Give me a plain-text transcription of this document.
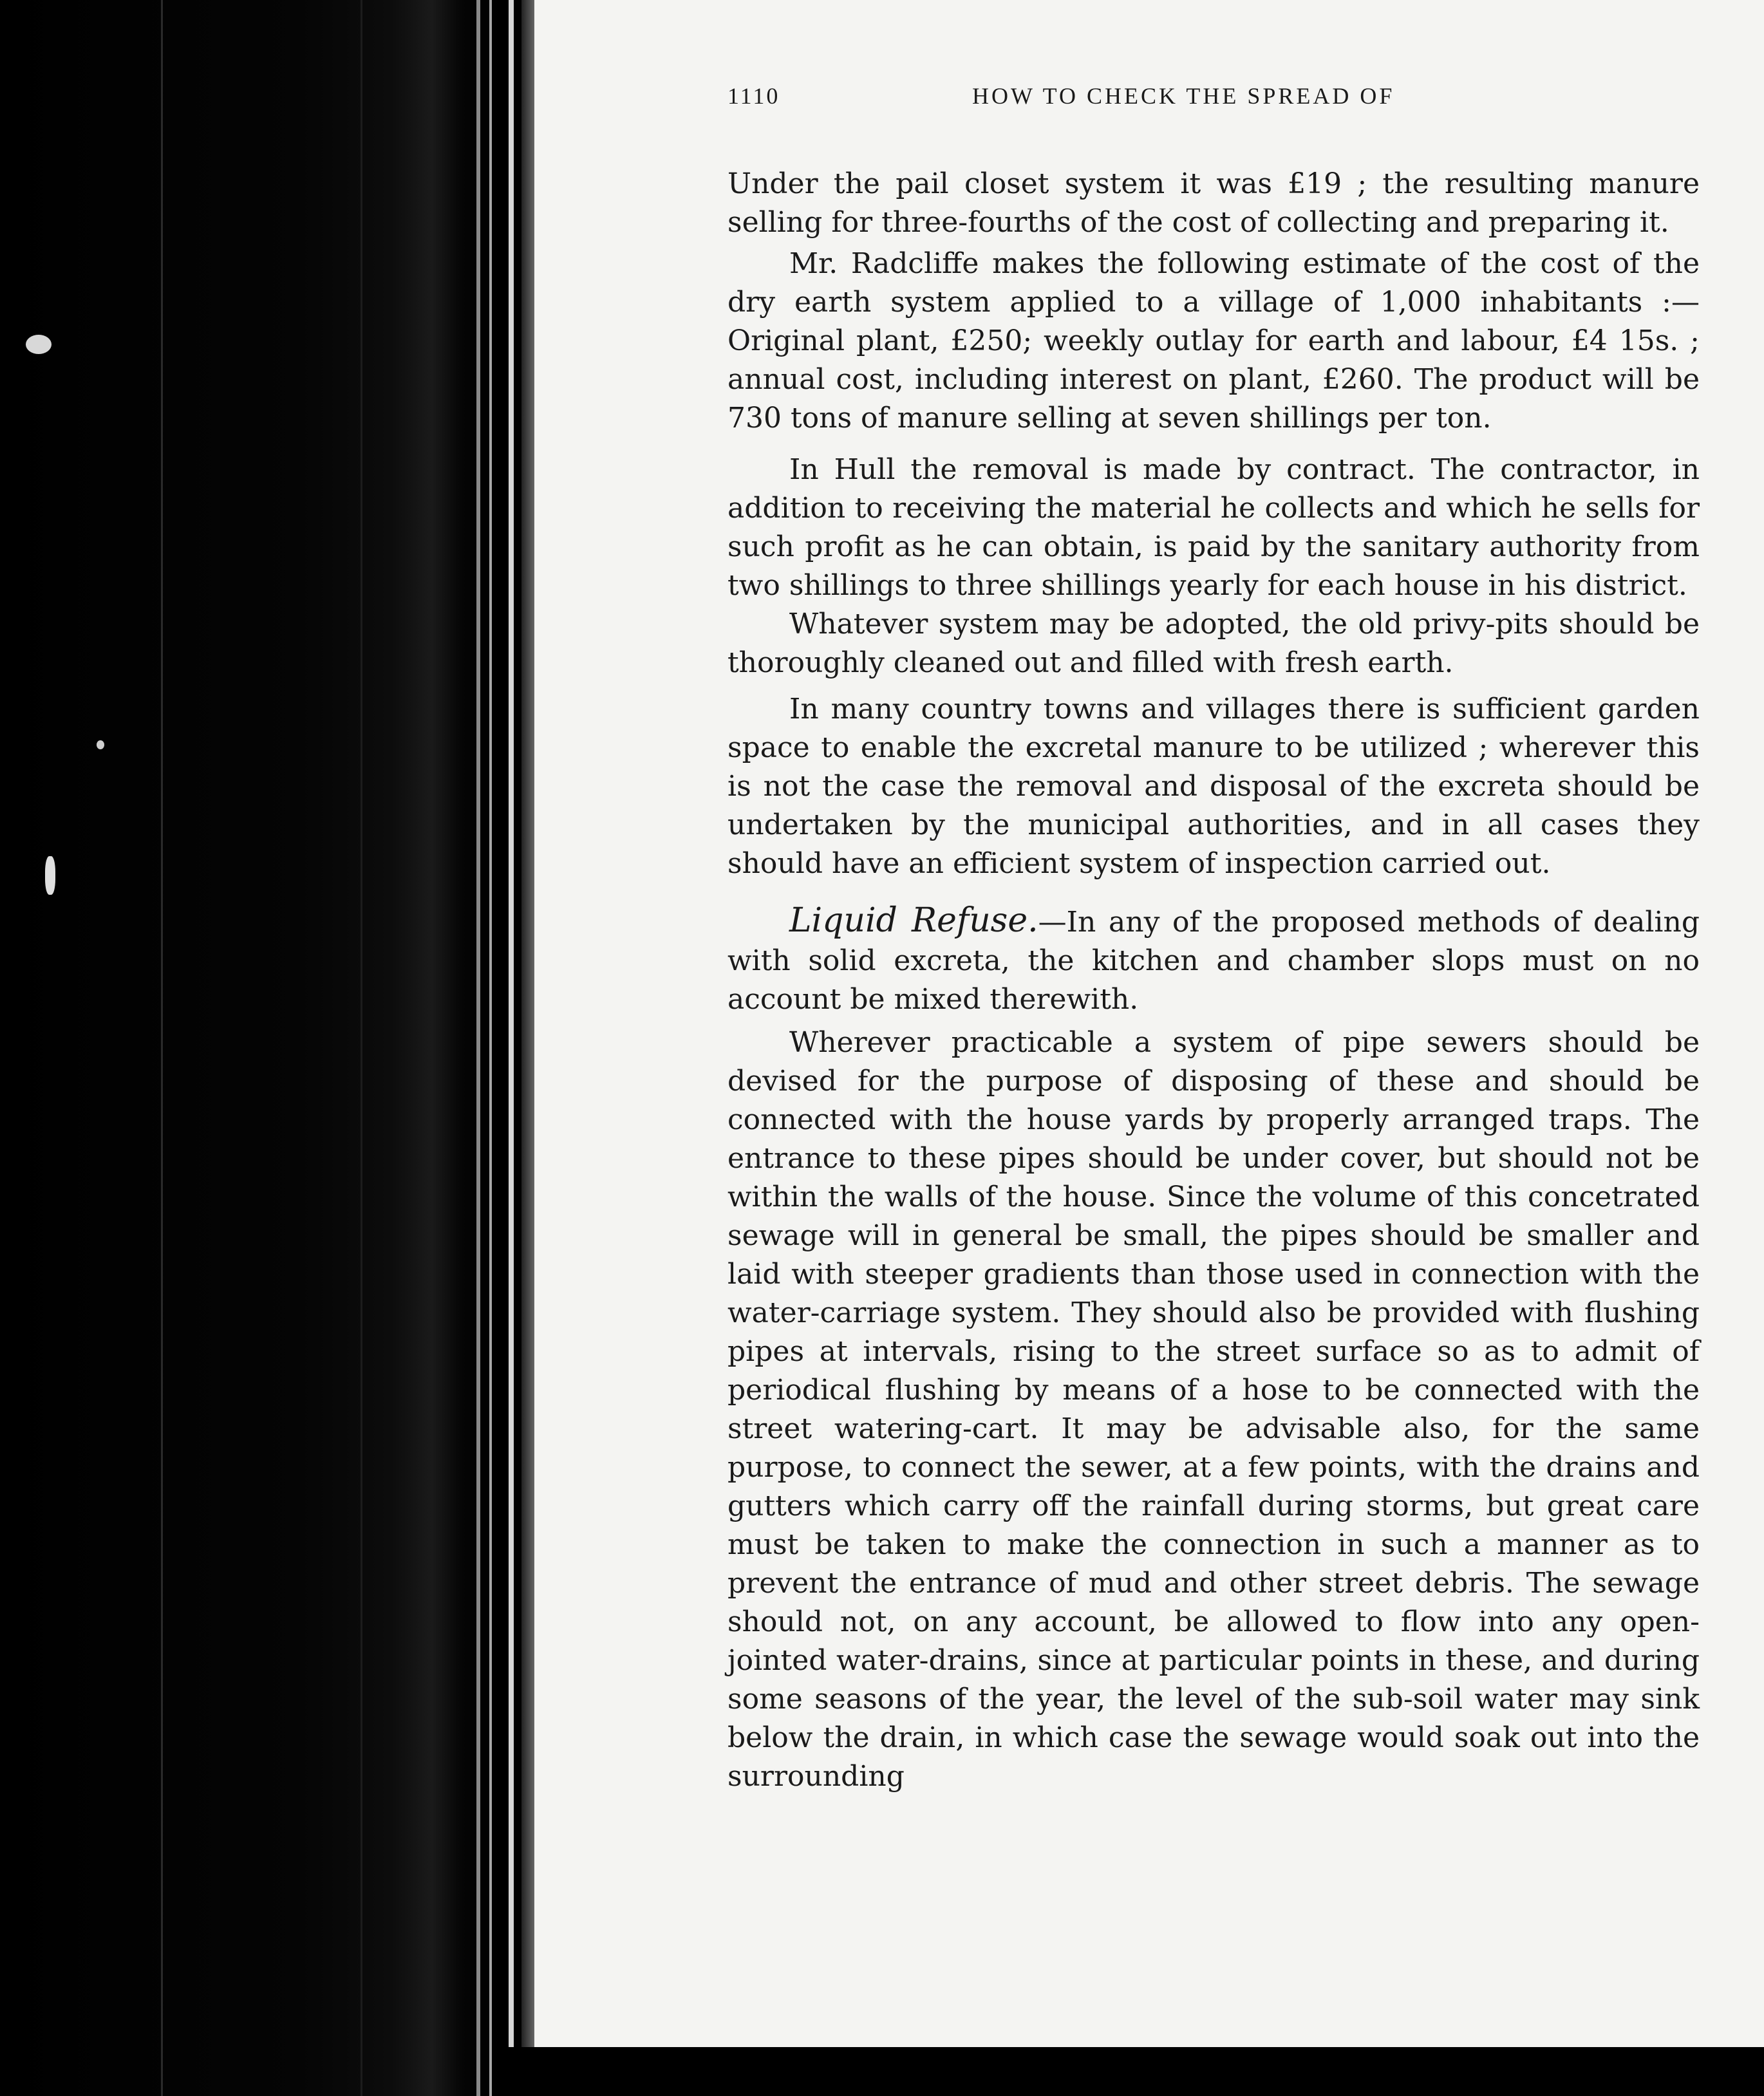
1110	HOW TO CHECK THE SPREAD OF

Under the pail closet system it was £19 ; the resulting manure selling for three-fourths of the cost of collecting and preparing it.

Mr. Radcliffe makes the following estimate of the cost of the dry earth system applied to a village of 1,000 inhabitants :—Original plant, £250; weekly outlay for earth and labour, £4 15s. ; annual cost, including interest on plant, £260. The product will be 730 tons of manure selling at seven shillings per ton.

In Hull the removal is made by contract. The contractor, in addition to receiving the material he collects and which he sells for such profit as he can obtain, is paid by the sanitary authority from two shillings to three shillings yearly for each house in his district.

Whatever system may be adopted, the old privy-pits should be thoroughly cleaned out and filled with fresh earth.

In many country towns and villages there is sufficient garden space to enable the excretal manure to be utilized ; wherever this is not the case the removal and disposal of the excreta should be undertaken by the municipal authorities, and in all cases they should have an efficient system of inspection carried out.

Liquid Refuse.—In any of the proposed methods of dealing with solid excreta, the kitchen and chamber slops must on no account be mixed therewith.

Wherever practicable a system of pipe sewers should be devised for the purpose of disposing of these and should be connected with the house yards by properly arranged traps. The entrance to these pipes should be under cover, but should not be within the walls of the house. Since the volume of this concetrated sewage will in general be small, the pipes should be smaller and laid with steeper gradients than those used in connection with the water-carriage system. They should also be provided with flushing pipes at intervals, rising to the street surface so as to admit of periodical flushing by means of a hose to be connected with the street watering-cart. It may be advisable also, for the same purpose, to connect the sewer, at a few points, with the drains and gutters which carry off the rainfall during storms, but great care must be taken to make the connection in such a manner as to prevent the entrance of mud and other street debris. The sewage should not, on any account, be allowed to flow into any open-jointed water-drains, since at particular points in these, and during some seasons of the year, the level of the sub-soil water may sink below the drain, in which case the sewage would soak out into the surrounding
